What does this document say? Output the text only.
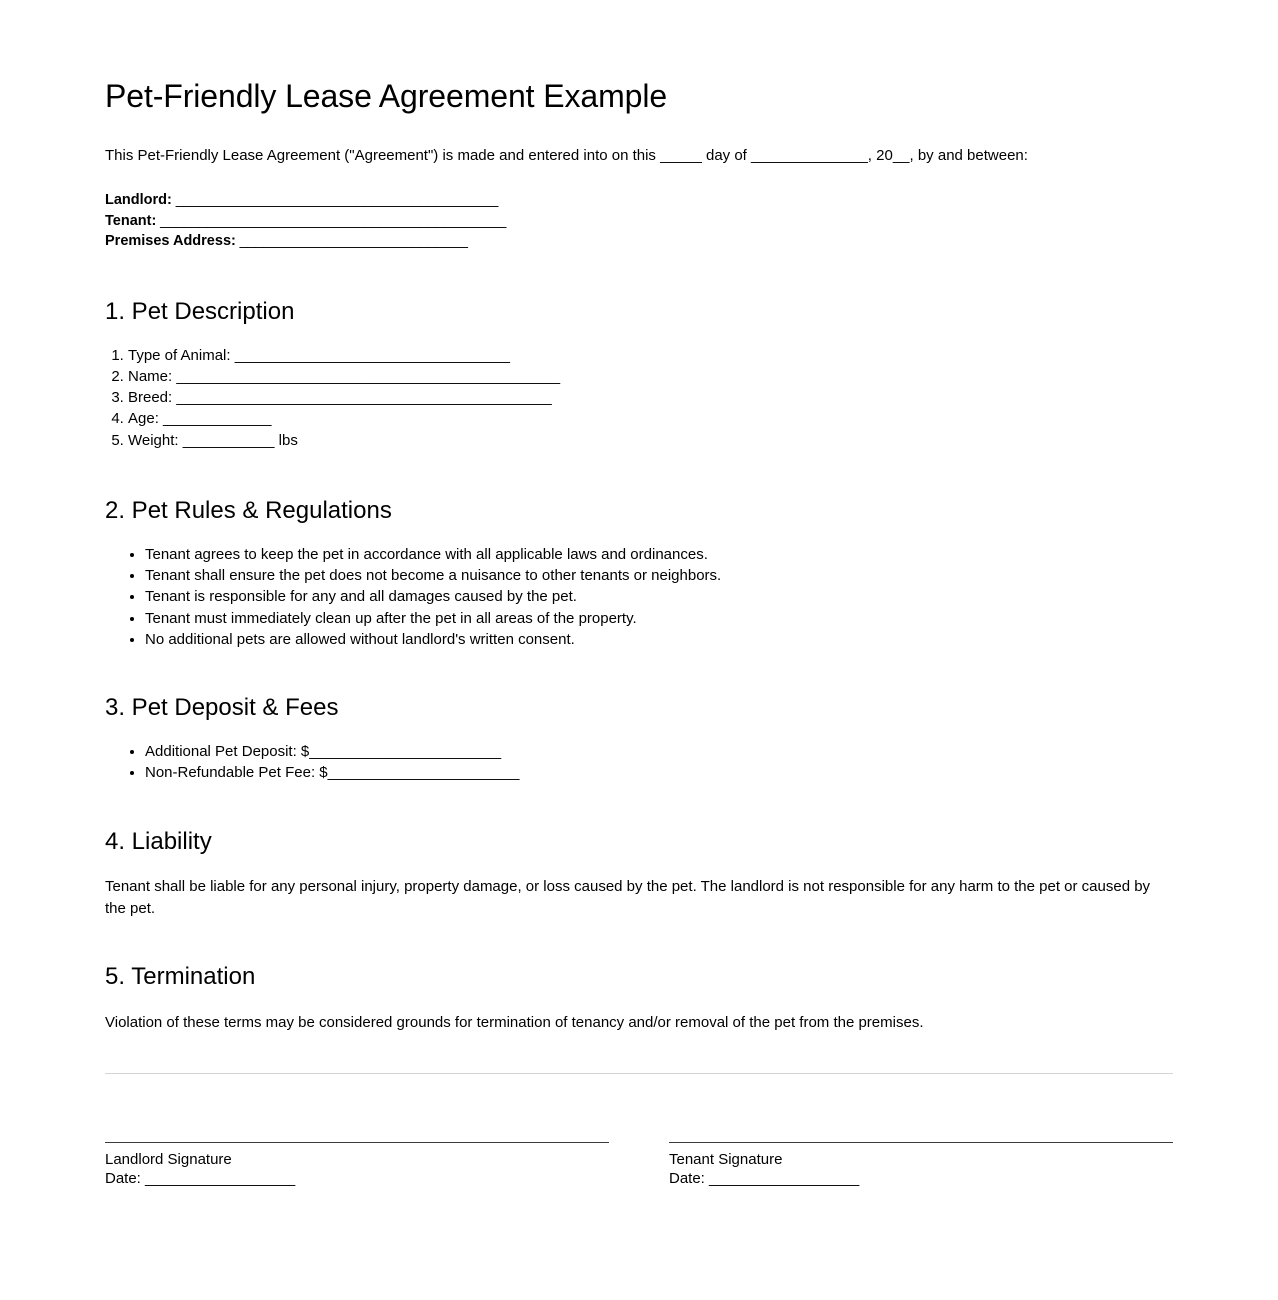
Pet-Friendly Lease Agreement Example

This Pet-Friendly Lease Agreement ("Agreement") is made and entered into on this _____ day of ______________, 20__, by and between:

Landlord: _________________________________________
Tenant: ____________________________________________
Premises Address: _____________________________
1. Pet Description
1. Type of Animal: _________________________________
2. Name: ______________________________________________
3. Breed: _____________________________________________
4. Age: _____________
5. Weight: ___________ lbs
2. Pet Rules & Regulations
• Tenant agrees to keep the pet in accordance with all applicable laws and ordinances.
• Tenant shall ensure the pet does not become a nuisance to other tenants or neighbors.
• Tenant is responsible for any and all damages caused by the pet.
• Tenant must immediately clean up after the pet in all areas of the property.
• No additional pets are allowed without landlord's written consent.
3. Pet Deposit & Fees
• Additional Pet Deposit: $_______________________
• Non-Refundable Pet Fee: $_______________________
4. Liability

Tenant shall be liable for any personal injury, property damage, or loss caused by the pet. The landlord is not responsible for any harm to the pet or caused by the pet.

5. Termination

Violation of these terms may be considered grounds for termination of tenancy and/or removal of the pet from the premises.

Landlord Signature
Date: __________________
Tenant Signature
Date: __________________
